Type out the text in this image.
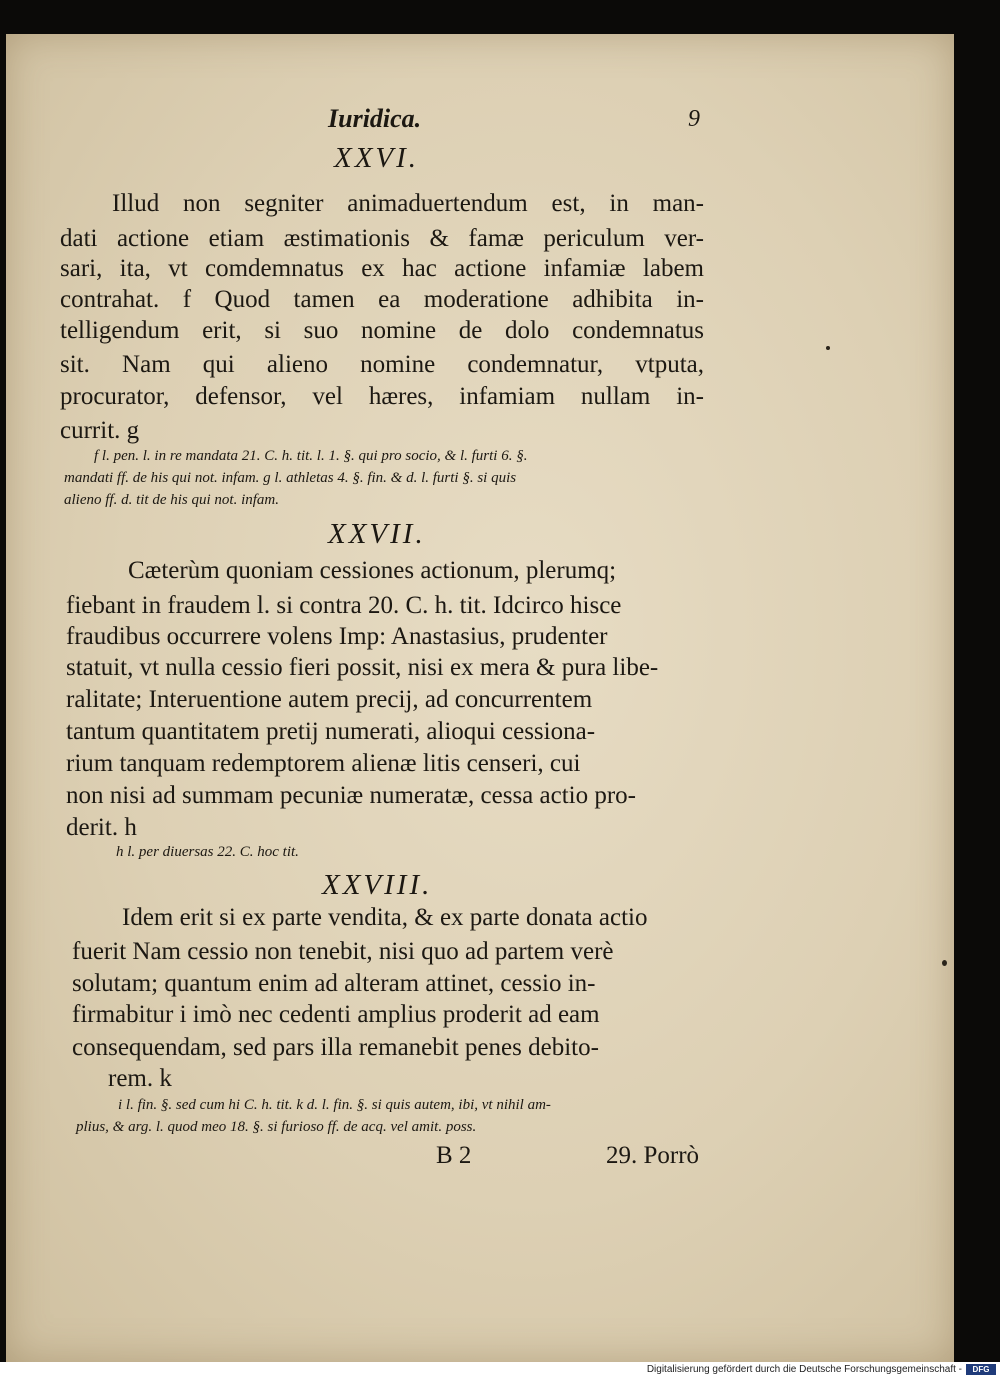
Iuridica.	9
XXVI.
Illud non segniter animaduertendum est, in man-
dati actione etiam æstimationis & famæ periculum ver-
sari, ita, vt comdemnatus ex hac actione infamiæ labem
contrahat. f Quod tamen ea moderatione adhibita in-
telligendum erit, si suo nomine de dolo condemnatus
sit. Nam qui alieno nomine condemnatur, vtputa,
procurator, defensor, vel hæres, infamiam nullam in-
currit. g
f l. pen. l. in re mandata 21. C. h. tit. l. 1. §. qui pro socio, & l. furti 6. §.
mandati ff. de his qui not. infam. g l. athletas 4. §. fin. & d. l. furti §. si quis
alieno ff. d. tit de his qui not. infam.
XXVII.
Cæterùm quoniam cessiones actionum, plerumq;
fiebant in fraudem l. si contra 20. C. h. tit. Idcirco hisce
fraudibus occurrere volens Imp: Anastasius, prudenter
statuit, vt nulla cessio fieri possit, nisi ex mera & pura libe-
ralitate; Interuentione autem precij, ad concurrentem
tantum quantitatem pretij numerati, alioqui cessiona-
rium tanquam redemptorem alienæ litis censeri, cui
non nisi ad summam pecuniæ numeratæ, cessa actio pro-
derit. h
h l. per diuersas 22. C. hoc tit.
XXVIII.
Idem erit si ex parte vendita, & ex parte donata actio
fuerit Nam cessio non tenebit, nisi quo ad partem verè
solutam; quantum enim ad alteram attinet, cessio in-
firmabitur i imò nec cedenti amplius proderit ad eam
consequendam, sed pars illa remanebit penes debito-
rem. k
i l. fin. §. sed cum hi C. h. tit. k d. l. fin. §. si quis autem, ibi, vt nihil am-
plius, & arg. l. quod meo 18. §. si furioso ff. de acq. vel amit. poss.
B 2	29. Porrò
Digitalisierung gefördert durch die Deutsche Forschungsgemeinschaft -	DFG
